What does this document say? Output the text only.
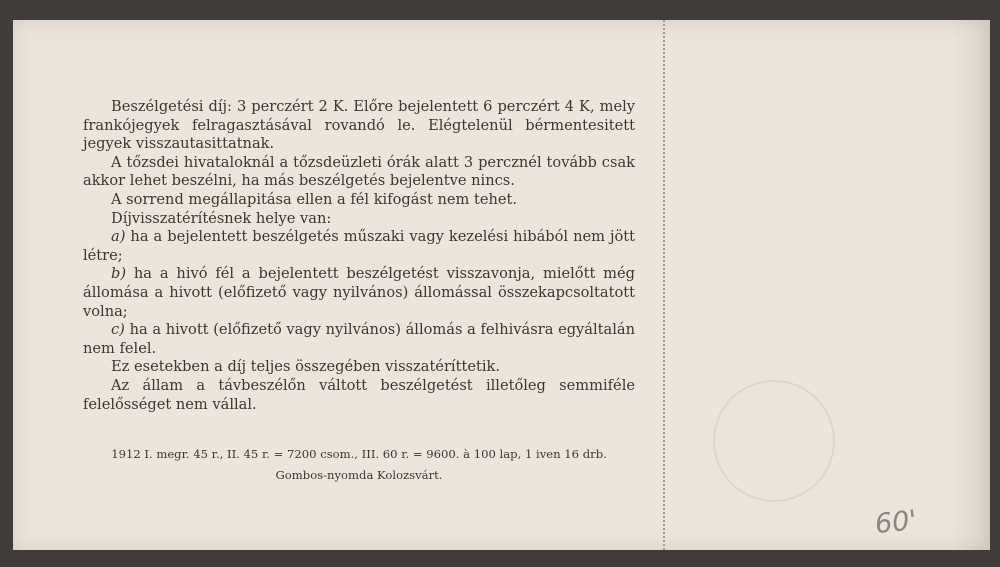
Beszélgetési díj: 3 perczért 2 K. Előre bejelentett 6 perczért 4 K, mely frankójegyek felragasztásával rovandó le. Elégtelenül bérmentesitett jegyek visszautasittatnak.

A tőzsdei hivataloknál a tőzsdeüzleti órák alatt 3 percznél tovább csak akkor lehet beszélni, ha más beszélgetés bejelentve nincs.

A sorrend megállapitása ellen a fél kifogást nem tehet.

Díjvisszatérítésnek helye van:

a) ha a bejelentett beszélgetés műszaki vagy kezelési hibából nem jött létre;

b) ha a hivó fél a bejelentett beszélgetést visszavonja, mielőtt még állomása a hivott (előfizető vagy nyilvános) állomással összekapcsoltatott volna;

c) ha a hivott (előfizető vagy nyilvános) állomás a felhivásra egyáltalán nem felel.

Ez esetekben a díj teljes összegében visszatéríttetik.

Az állam a távbeszélőn váltott beszélgetést illetőleg semmiféle felelősséget nem vállal.

1912 I. megr. 45 r., II. 45 r. = 7200 csom., III. 60 r. = 9600. à 100 lap, 1 iven 16 drb.
Gombos-nyomda Kolozsvárt.
60'
